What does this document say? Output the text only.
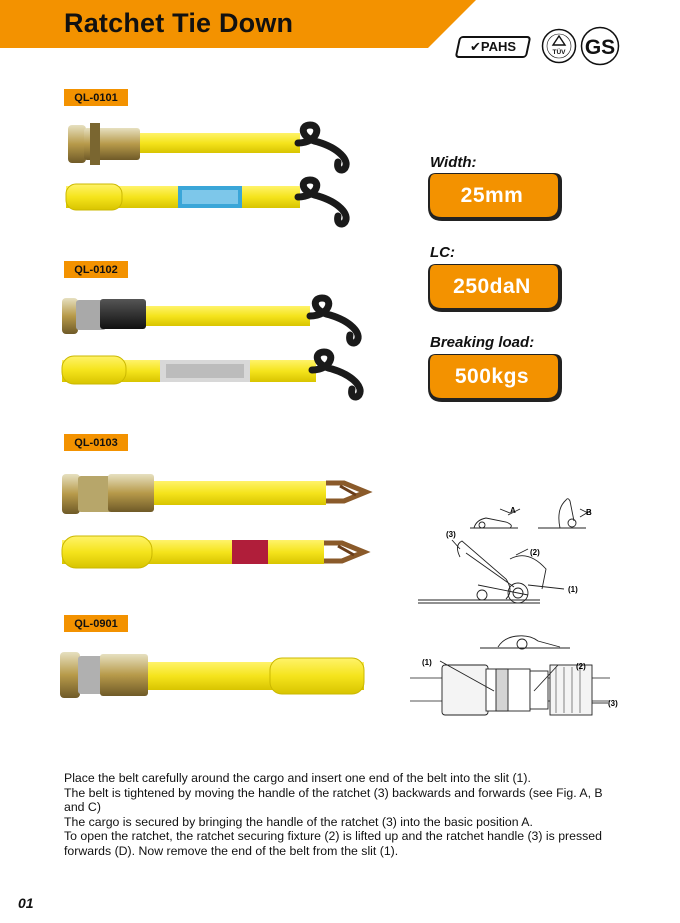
Ratchet Tie Down
✔PAHS	TÜV GS
QL-0101
QL-0102
QL-0103
QL-0901
Width:
25mm
LC:
250daN
Breaking load:
500kgs
A	B
(3)
(2)
(1)
(1)	(2)
(3)

Place the belt carefully around the cargo and insert one end of the belt into the slit (1).

The belt is tightened by moving the handle of the ratchet (3) backwards and forwards (see Fig. A, B and C)

The cargo is secured by bringing the handle of the ratchet (3) into the basic position A.

To open the ratchet, the ratchet securing fixture (2) is lifted up and the ratchet handle (3) is pressed forwards (D). Now remove the end of the belt from the slit (1).

01
